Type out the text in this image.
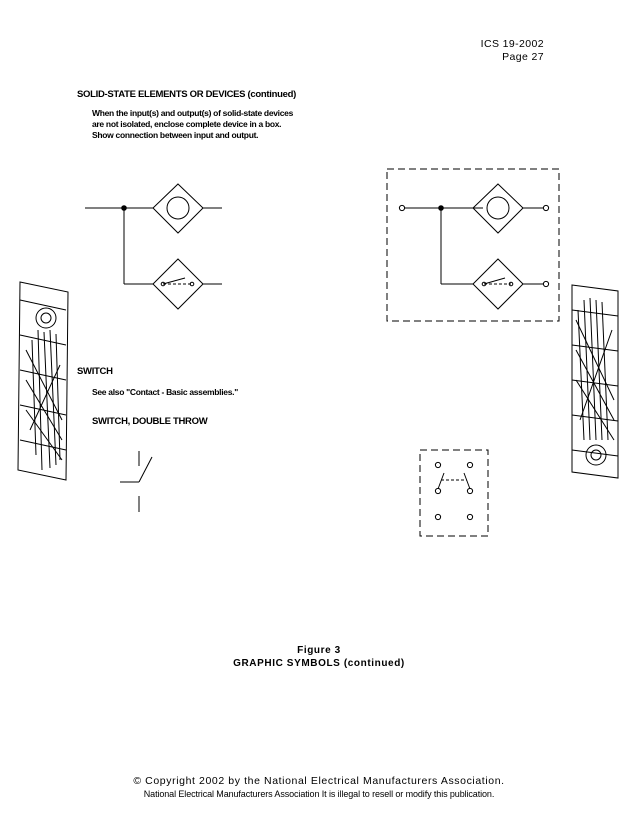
ICS 19-2002
Page 27
SOLID-STATE ELEMENTS OR DEVICES (continued)
When the input(s) and output(s) of solid-state devices
are not isolated, enclose complete device in a box.
Show connection between input and output.
SWITCH
See also "Contact - Basic assemblies."
SWITCH, DOUBLE THROW
Figure 3
GRAPHIC SYMBOLS (continued)
© Copyright 2002 by the National Electrical Manufacturers Association.
National Electrical Manufacturers Association It is illegal to resell or modify this publication.
